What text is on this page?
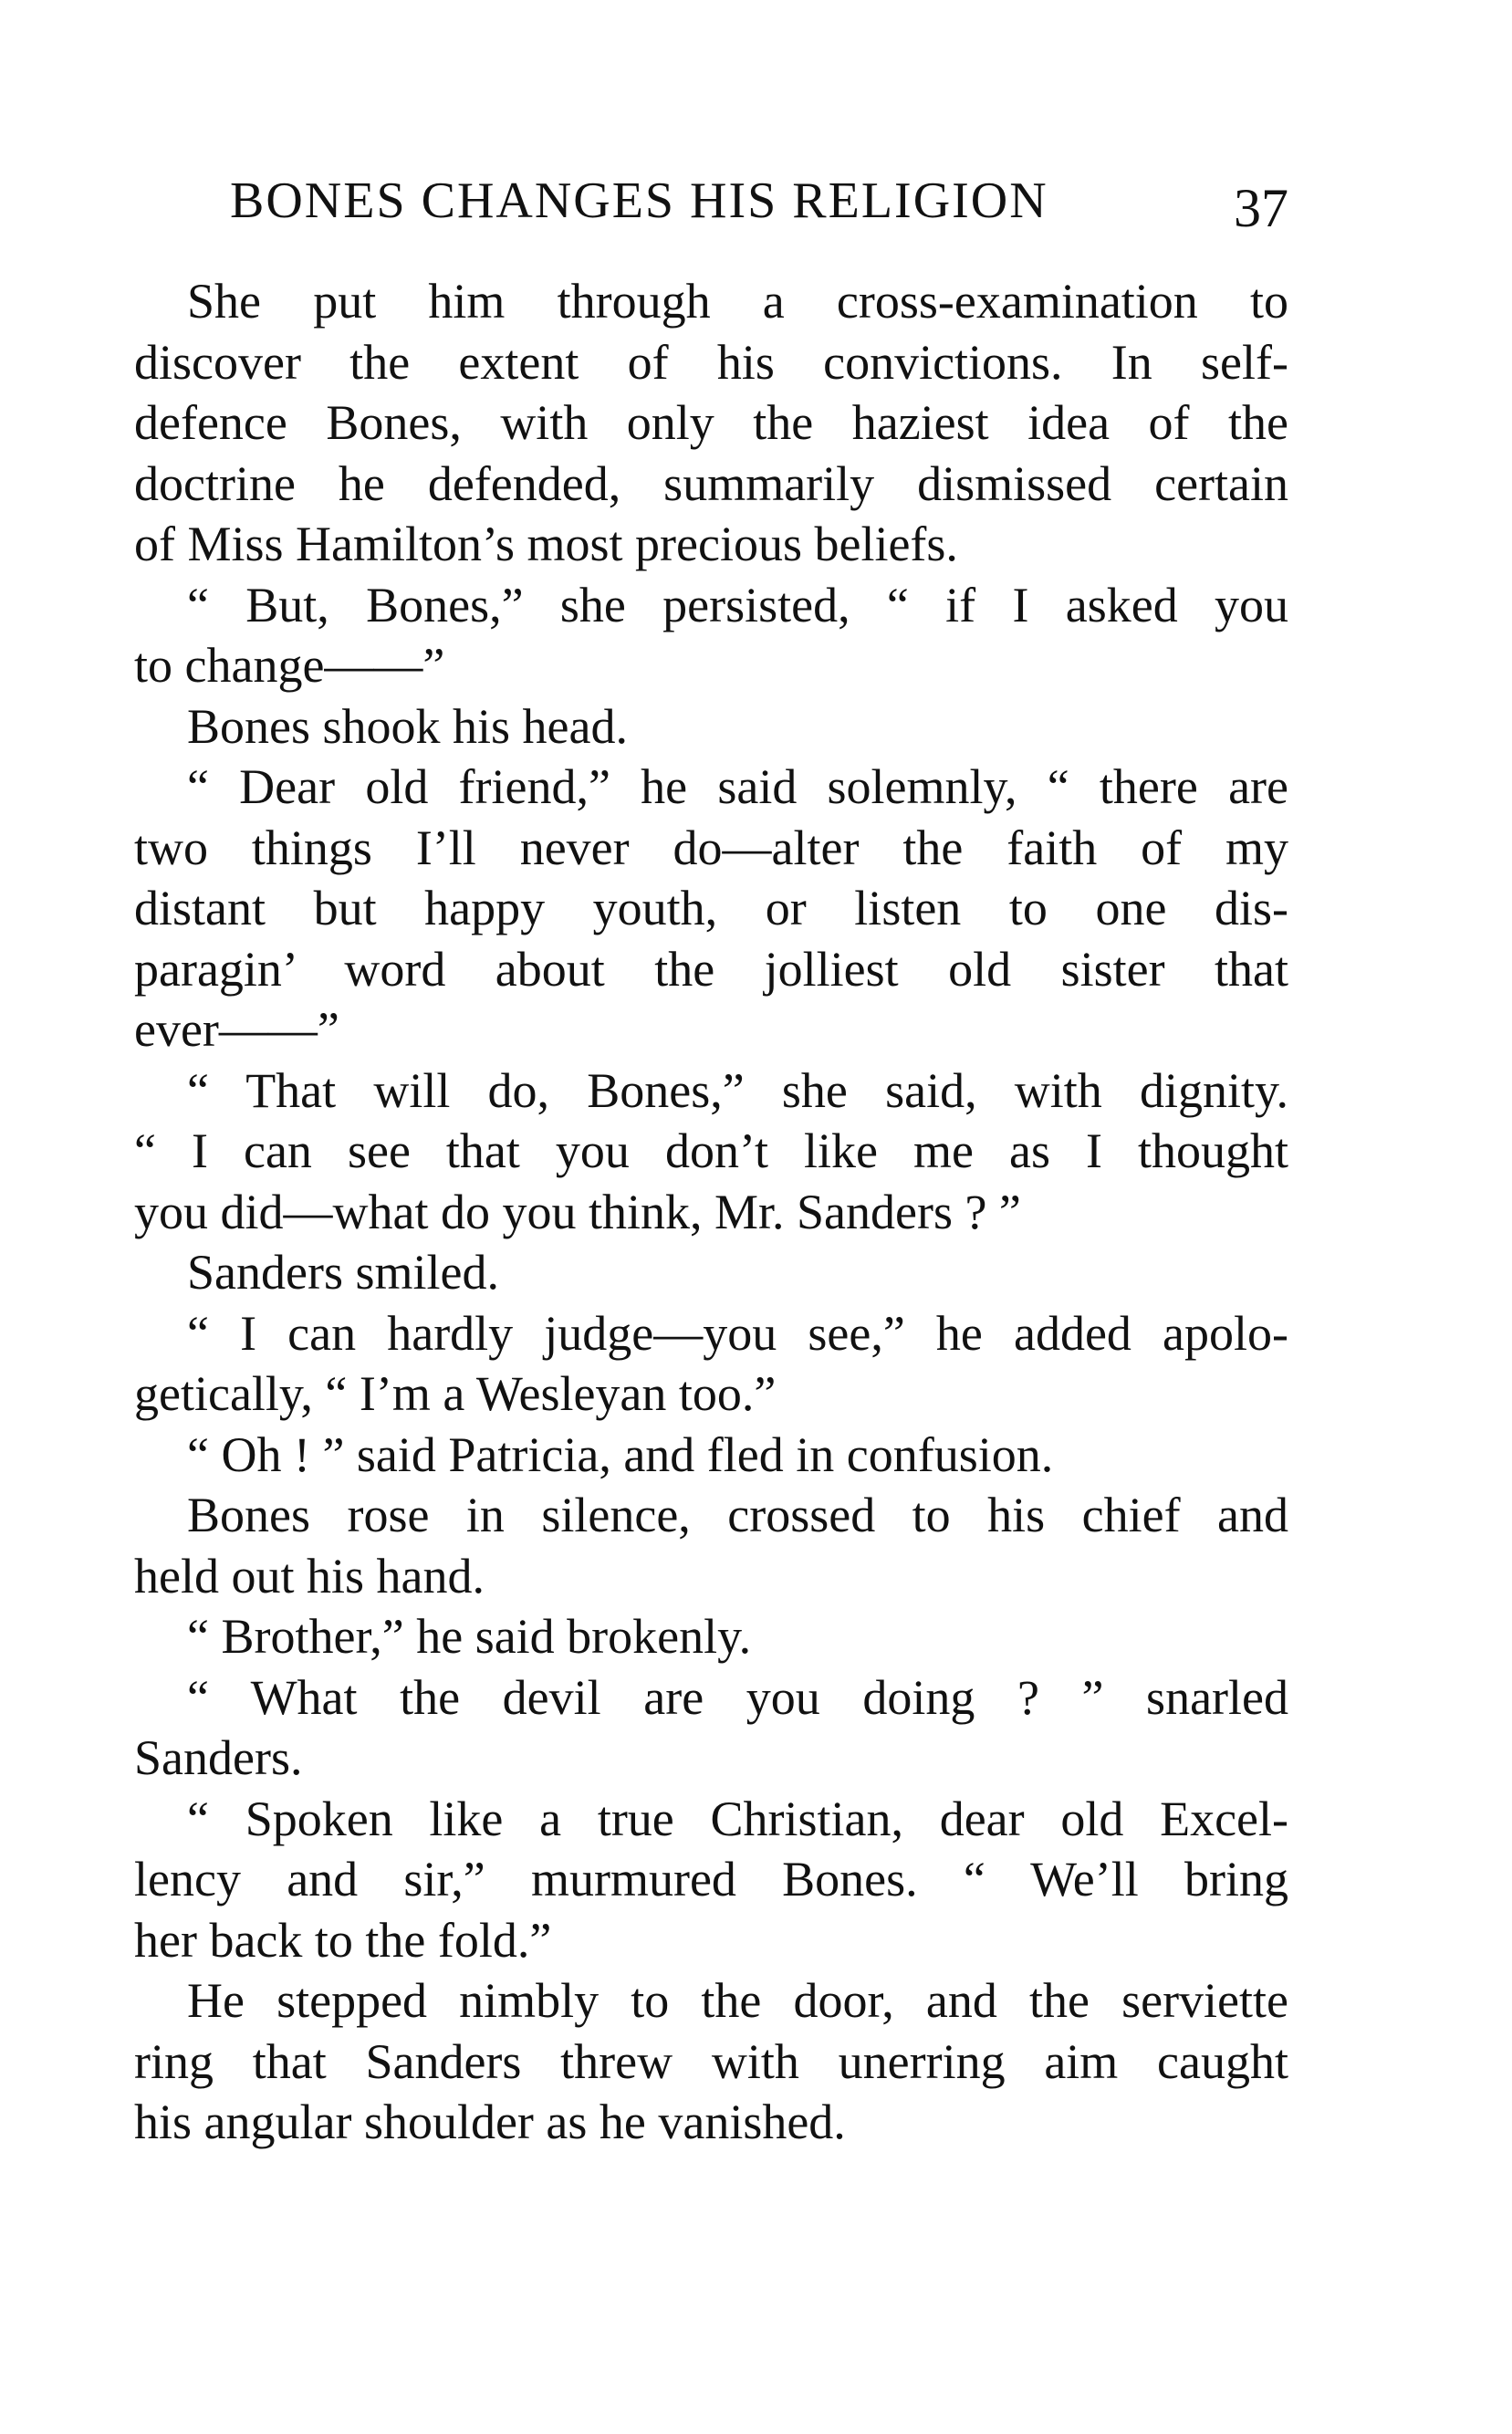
BONES CHANGES HIS RELIGION	37
She put him through a cross-examination to
discover the extent of his convictions. In self-
defence Bones, with only the haziest idea of the
doctrine he defended, summarily dismissed certain
of Miss Hamilton’s most precious beliefs.
“ But, Bones,” she persisted, “ if I asked you
to change——”
Bones shook his head.
“ Dear old friend,” he said solemnly, “ there are
two things I’ll never do—alter the faith of my
distant but happy youth, or listen to one dis-
paragin’ word about the jolliest old sister that
ever——”
“ That will do, Bones,” she said, with dignity.
“ I can see that you don’t like me as I thought
you did—what do you think, Mr. Sanders ? ”
Sanders smiled.
“ I can hardly judge—you see,” he added apolo-
getically, “ I’m a Wesleyan too.”
“ Oh ! ” said Patricia, and fled in confusion.
Bones rose in silence, crossed to his chief and
held out his hand.
“ Brother,” he said brokenly.
“ What the devil are you doing ? ” snarled
Sanders.
“ Spoken like a true Christian, dear old Excel-
lency and sir,” murmured Bones. “ We’ll bring
her back to the fold.”
He stepped nimbly to the door, and the serviette
ring that Sanders threw with unerring aim caught
his angular shoulder as he vanished.
